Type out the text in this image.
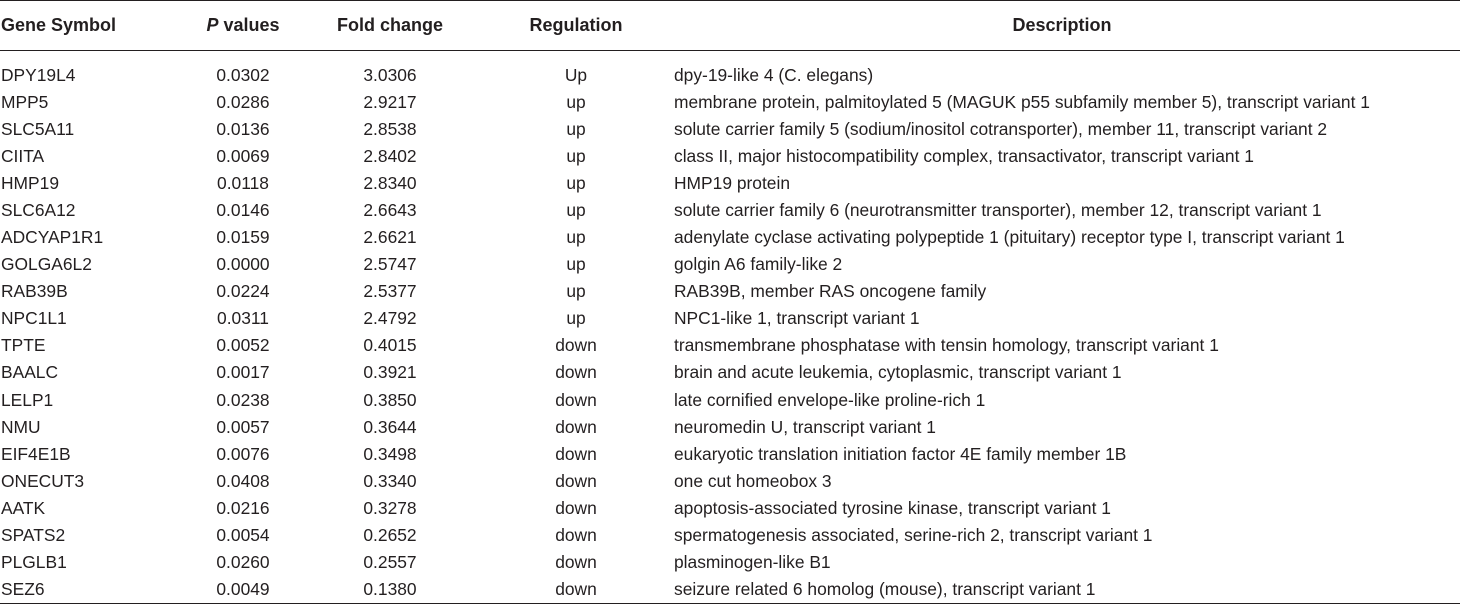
Gene Symbol	P values	Fold change	Regulation	Description
DPY19L4	0.0302	3.0306	Up	dpy-19-like 4 (C. elegans)
MPP5	0.0286	2.9217	up	membrane protein, palmitoylated 5 (MAGUK p55 subfamily member 5), transcript variant 1
SLC5A11	0.0136	2.8538	up	solute carrier family 5 (sodium/inositol cotransporter), member 11, transcript variant 2
CIITA	0.0069	2.8402	up	class II, major histocompatibility complex, transactivator, transcript variant 1
HMP19	0.0118	2.8340	up	HMP19 protein
SLC6A12	0.0146	2.6643	up	solute carrier family 6 (neurotransmitter transporter), member 12, transcript variant 1
ADCYAP1R1	0.0159	2.6621	up	adenylate cyclase activating polypeptide 1 (pituitary) receptor type I, transcript variant 1
GOLGA6L2	0.0000	2.5747	up	golgin A6 family-like 2
RAB39B	0.0224	2.5377	up	RAB39B, member RAS oncogene family
NPC1L1	0.0311	2.4792	up	NPC1-like 1, transcript variant 1
TPTE	0.0052	0.4015	down	transmembrane phosphatase with tensin homology, transcript variant 1
BAALC	0.0017	0.3921	down	brain and acute leukemia, cytoplasmic, transcript variant 1
LELP1	0.0238	0.3850	down	late cornified envelope-like proline-rich 1
NMU	0.0057	0.3644	down	neuromedin U, transcript variant 1
EIF4E1B	0.0076	0.3498	down	eukaryotic translation initiation factor 4E family member 1B
ONECUT3	0.0408	0.3340	down	one cut homeobox 3
AATK	0.0216	0.3278	down	apoptosis-associated tyrosine kinase, transcript variant 1
SPATS2	0.0054	0.2652	down	spermatogenesis associated, serine-rich 2, transcript variant 1
PLGLB1	0.0260	0.2557	down	plasminogen-like B1
SEZ6	0.0049	0.1380	down	seizure related 6 homolog (mouse), transcript variant 1
